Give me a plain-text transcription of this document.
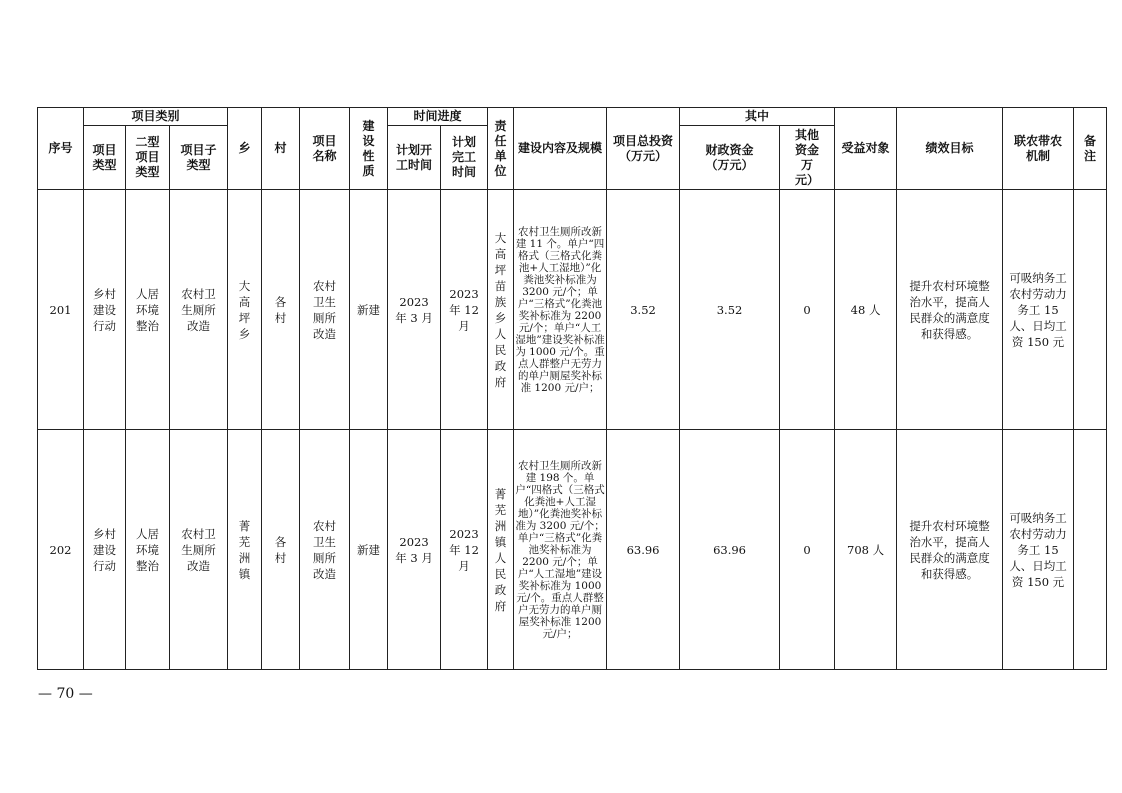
序号	项目类别			乡	村	项目名称	建设性质	时间进度		责任单位	建设内容及规模	项目总投资（万元）	其中		受益对象	绩效目标	联农带农机制	备注
	项目类型	二型项目类型	项目子类型					计划开工时间	计划完工时间				财政资金（万元）	其他资金万元）				

201	乡村建设行动	人居环境整治	农村卫生厕所改造	大高坪乡	各村	农村卫生厕所改造	新建	2023 年 3 月	2023 年 12 月	大高坪苗族乡人民政府	农村卫生厕所改新建 11 个。单户“四格式（三格式化粪池+人工湿地）”化粪池奖补标准为 3200 元/个；单户“三格式”化粪池奖补标准为 2200 元/个；单户“人工湿地”建设奖补标准为 1000 元/个。重点人群整户无劳力的单户厕屋奖补标准 1200 元/户；	3.52	3.52	0	48 人	提升农村环境整治水平，提高人民群众的满意度和获得感。	可吸纳务工农村劳动力务工 15 人、日均工资 150 元	
202	乡村建设行动	人居环境整治	农村卫生厕所改造	菁芜洲镇	各村	农村卫生厕所改造	新建	2023 年 3 月	2023 年 12 月	菁芜洲镇人民政府	农村卫生厕所改新建 198 个。单户“四格式（三格式化粪池+人工湿地）”化粪池奖补标准为 3200 元/个；单户“三格式”化粪池奖补标准为 2200 元/个；单户“人工湿地”建设奖补标准为 1000 元/个。重点人群整户无劳力的单户厕屋奖补标准 1200 元/户；	63.96	63.96	0	708 人	提升农村环境整治水平，提高人民群众的满意度和获得感。	可吸纳务工农村劳动力务工 15 人、日均工资 150 元	
— 70 —
